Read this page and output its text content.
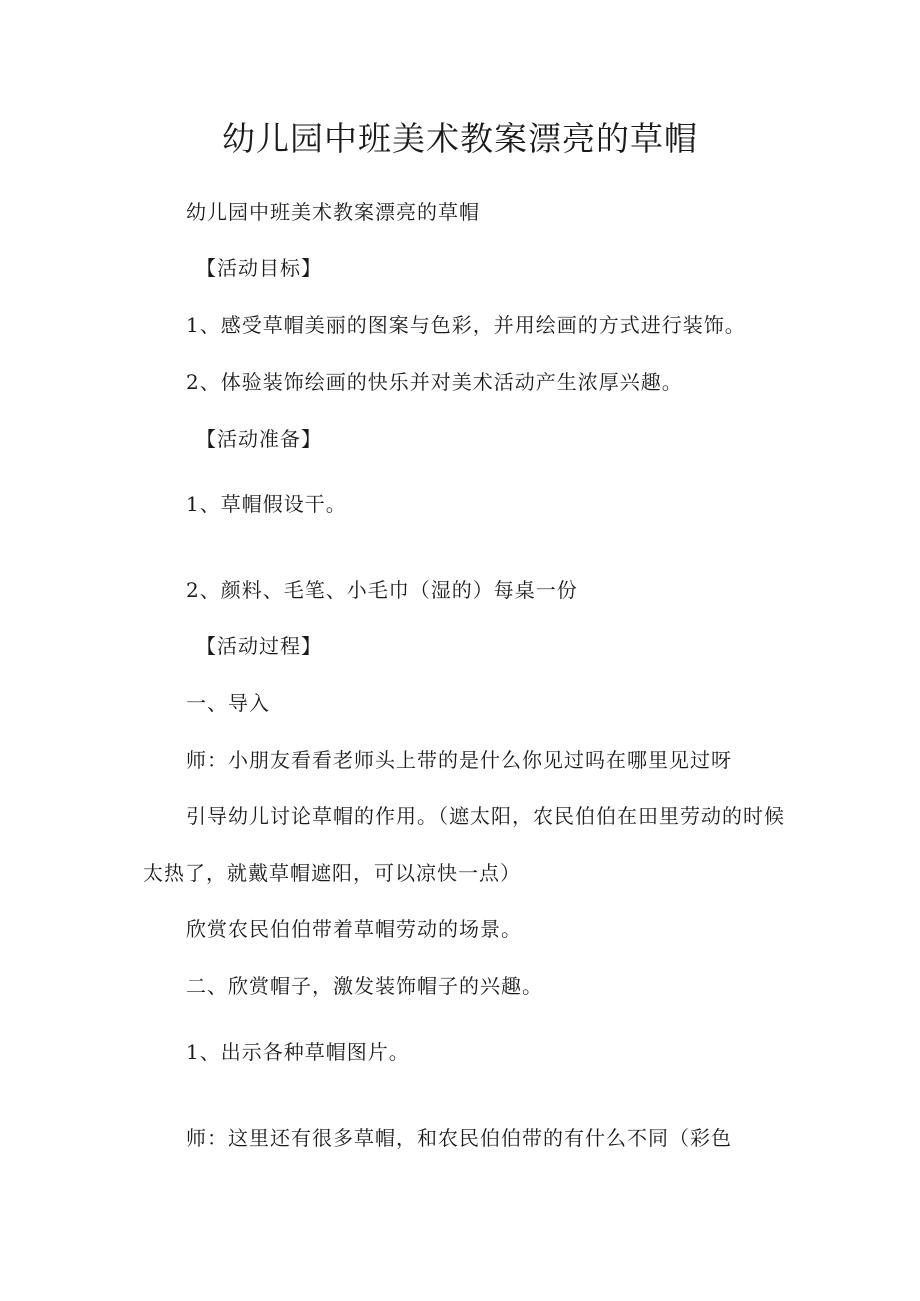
幼儿园中班美术教案漂亮的草帽
幼儿园中班美术教案漂亮的草帽
【活动目标】
1、感受草帽美丽的图案与色彩，并用绘画的方式进行装饰。
2、体验装饰绘画的快乐并对美术活动产生浓厚兴趣。
【活动准备】
1、草帽假设干。
2、颜料、毛笔、小毛巾（湿的）每桌一份
【活动过程】
一、导入
师：小朋友看看老师头上带的是什么你见过吗在哪里见过呀
引导幼儿讨论草帽的作用。（遮太阳，农民伯伯在田里劳动的时候
太热了，就戴草帽遮阳，可以凉快一点）
欣赏农民伯伯带着草帽劳动的场景。
二、欣赏帽子，激发装饰帽子的兴趣。
1、出示各种草帽图片。
师：这里还有很多草帽，和农民伯伯带的有什么不同（彩色
